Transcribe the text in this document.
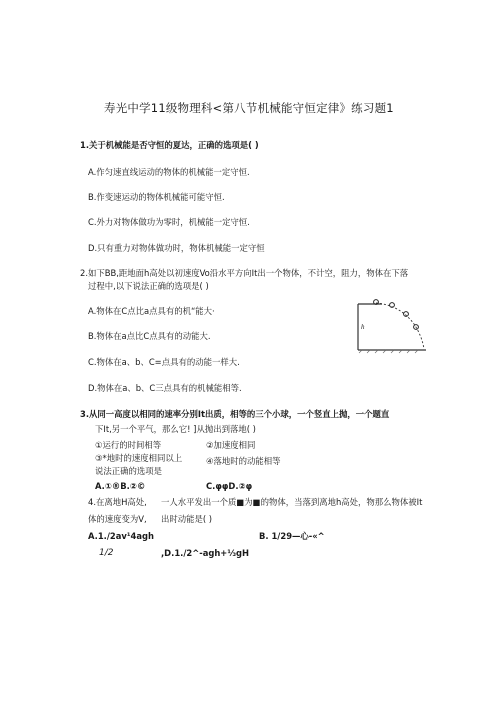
寿光中学11级物理科<第八节机械能守恒定律》练习题1
1.关于机械能是否守恒的夏达，正确的选项是( )
A.作匀速直线运动的物体的机械能一定守恒.
B.作变速运动的物体机械能可能守恒.
C.外力对物体做功为零时，机械能一定守恒.
D.只有重力对物体做功时，物体机械能一定守恒
2.如下BB,距地面h高处以初速度Vo沿水平方向It出一个物体，不计空，阻力，物体在下落
过程中,以下说法正确的选项是( )
A.物体在C点比a点具有的机“能大·
B.物体在a点比C点具有的动能大.
C.物体在a、b、C=点具有的动能一样大.
D.物体在a、b、C三点具有的机械能相等.
h
3.从同一高度以相同的速率分别It出质，相等的三个小球，一个竖直上抛，一个题直
下It,另一个平气，那么它! ]从抛出到落地( )
①运行的时间相等	②加速度相同
③*地时的速度相同以上	④落地时的动能相等
说法正确的选项是
A.①®B.②©	C.φφD.②φ
4.在离地H高处, 一人水平发出一个质■为■的物体，当落到离地h高处，物那么物体被It
体的速度变为V, 出时动能是( )
A.1./2av¹4agh	B. 1/29—心-«^
1/2	,D.1./2^-agh+⅓gH
